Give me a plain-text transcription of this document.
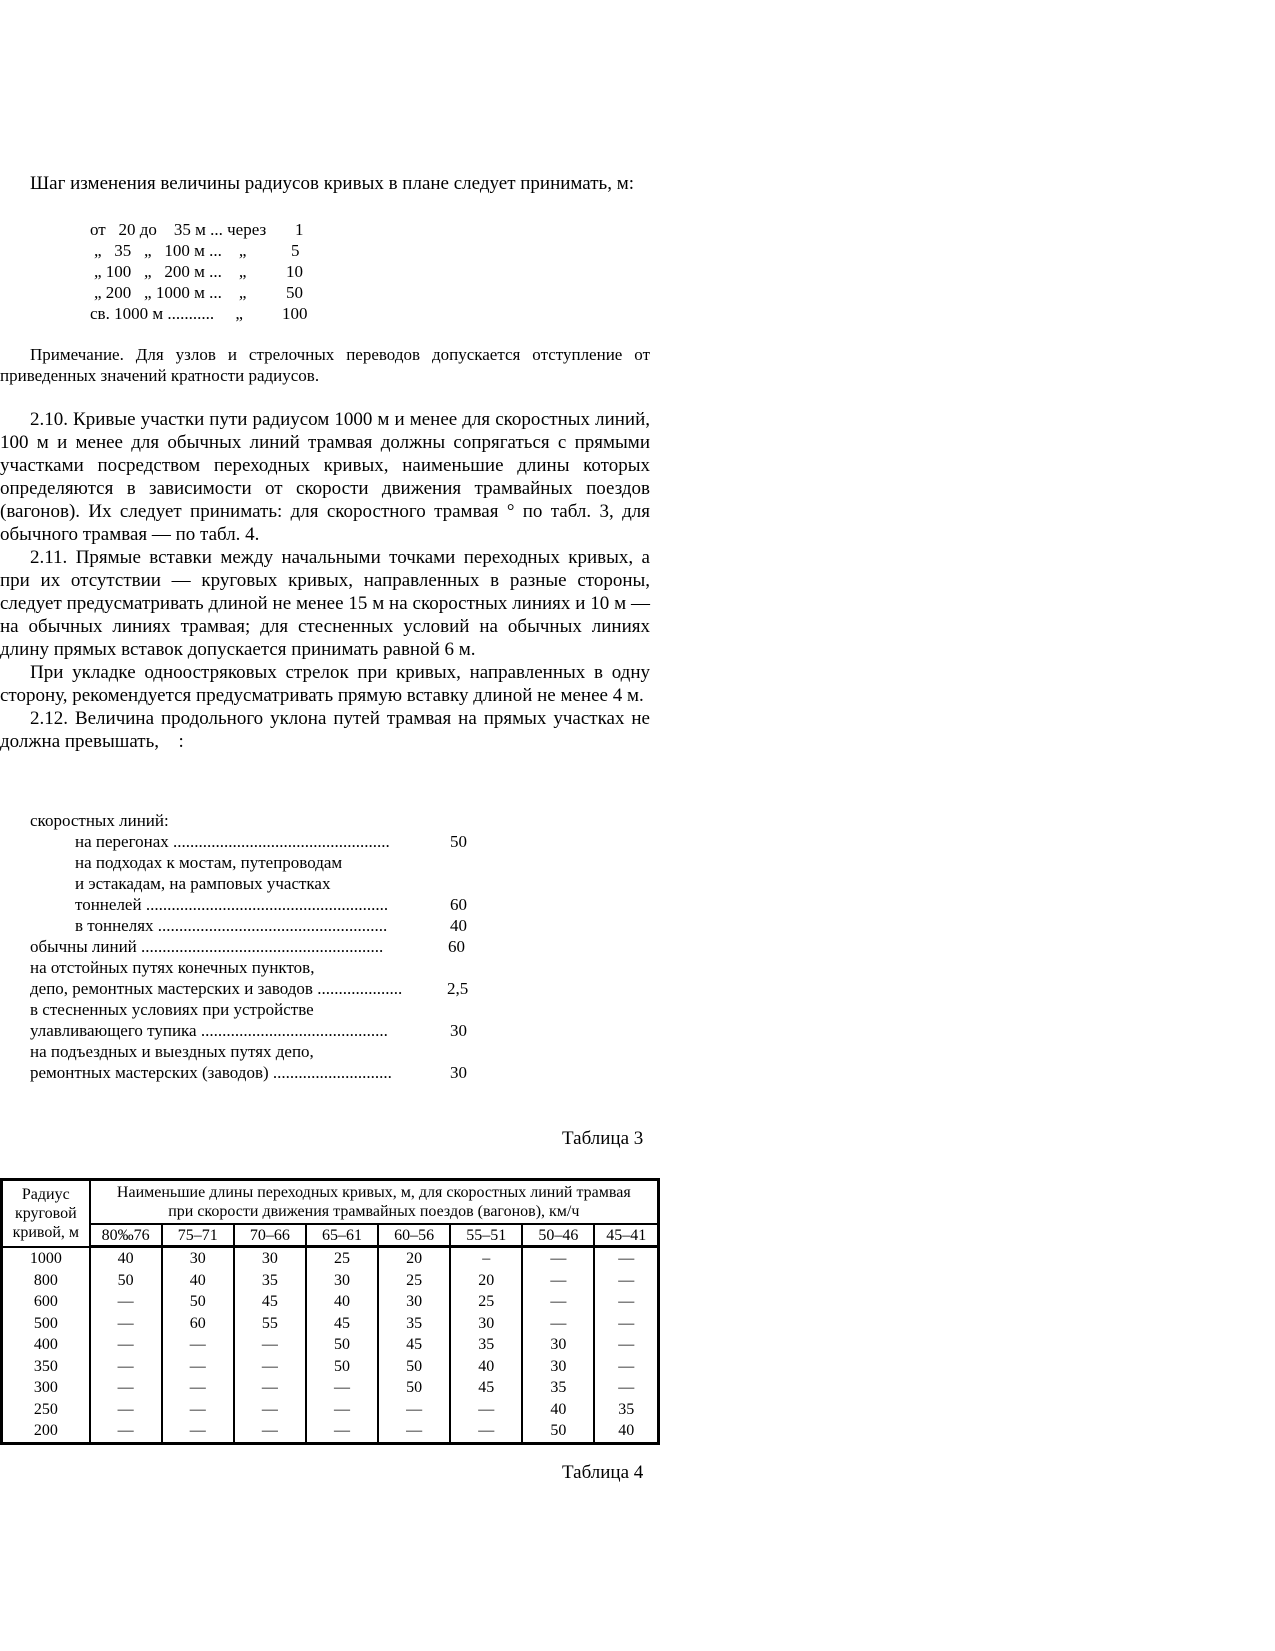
Шаг изменения величины радиусов кривых в плане следует принимать, м:

от   20 до    35 м ... через 1
„   35   „   100 м ...    „	5
„ 100   „   200 м ...    „ 10
„ 200   „ 1000 м ...    „ 50
св. 1000 м ...........     „ 100

Примечание. Для узлов и стрелочных переводов допускается отступление от приведенных значений кратности радиусов.

2.10. Кривые участки пути радиусом 1000 м и менее для скоростных линий, 100 м и менее для обычных линий трамвая должны сопрягаться с прямыми участками посредством переходных кривых, наименьшие длины которых определяются в зависимости от скорости движения трамвайных поездов (вагонов). Их следует принимать: для скоростного трамвая ° по табл. 3, для обычного трамвая — по табл. 4.

2.11. Прямые вставки между начальными точками переходных кривых, а при их отсутствии — круговых кривых, направленных в разные стороны, следует предусматривать длиной не менее 15 м на скоростных линиях и 10 м — на обычных линиях трамвая; для стесненных условий на обычных линиях длину прямых вставок допускается принимать равной 6 м.

При укладке одноостряковых стрелок при кривых, направленных в одну сторону, рекомендуется предусматривать прямую вставку длиной не менее 4 м.

2.12. Величина продольного уклона путей трамвая на прямых участках не должна превышать,  :

скоростных линий:
на перегонах ...................................................	50
на подходах к мостам, путепроводам
и эстакадам, на рамповых участках
тоннелей .........................................................	60
в тоннелях ......................................................	40
обычны линий .........................................................	60
на отстойных путях конечных пунктов,
депо, ремонтных мастерских и заводов ....................	2,5
в стесненных условиях при устройстве
улавливающего тупика ............................................	30
на подъездных и выездных путях депо,
ремонтных мастерских (заводов) ............................	30
Таблица 3
Радиус круговой кривой, м	Наименьшие длины переходных кривых, м, для скоростных линий трамвая при скорости движения трамвайных поездов (вагонов), км/ч							
	80‰76	75–71	70–66	65–61	60–56	55–51	50–46	45–41
1000	40	30	30	25	20	–	—	—
800	50	40	35	30	25	20	—	—
600	—	50	45	40	30	25	—	—
500	—	60	55	45	35	30	—	—
400	—	—	—	50	45	35	30	—
350	—	—	—	50	50	40	30	—
300	—	—	—	—	50	45	35	—
250	—	—	—	—	—	—	40	35
200	—	—	—	—	—	—	50	40
Таблица 4
